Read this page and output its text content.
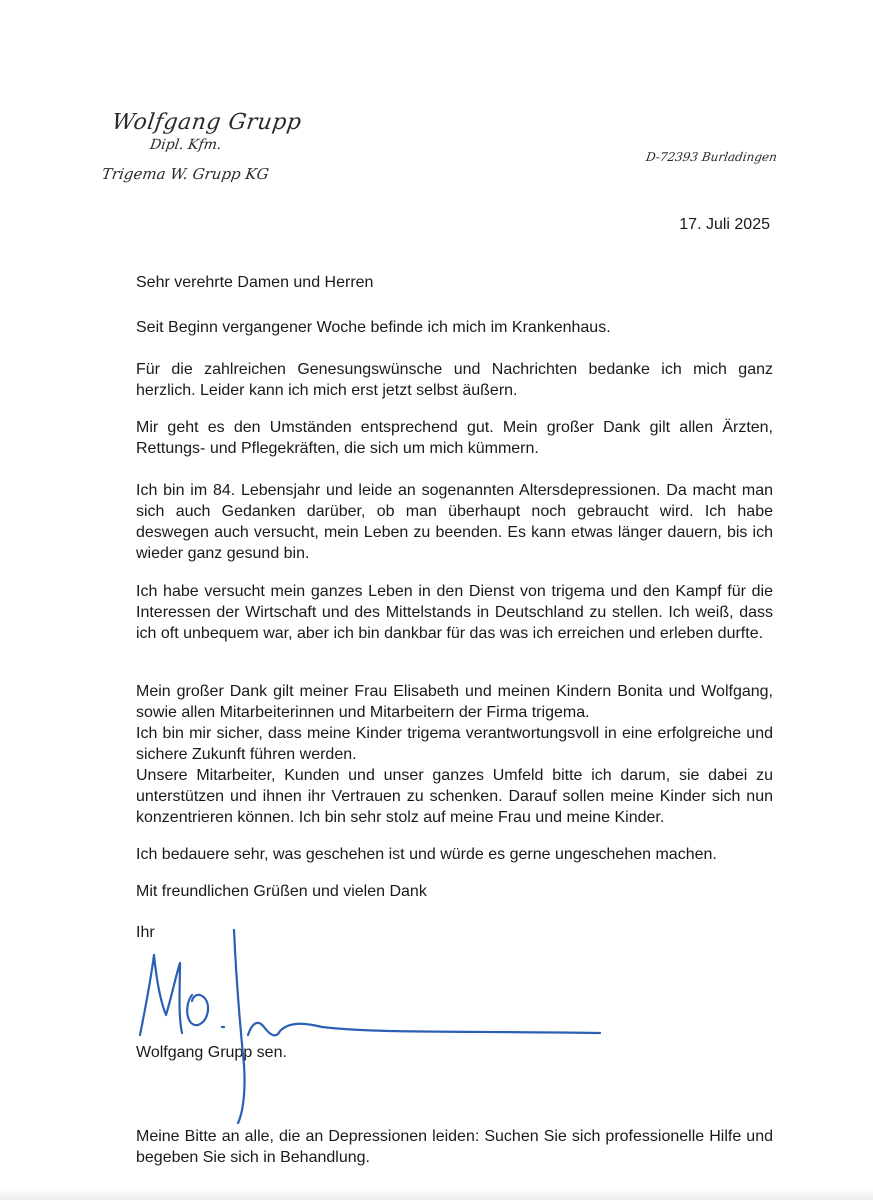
Wolfgang Grupp
Dipl. Kfm.
Trigema W. Grupp KG
D-72393 Burladingen
17. Juli 2025

Sehr verehrte Damen und Herren

Seit Beginn vergangener Woche befinde ich mich im Krankenhaus.

Für die zahlreichen Genesungswünsche und Nachrichten bedanke ich mich ganz herzlich. Leider kann ich mich erst jetzt selbst äußern.

Mir geht es den Umständen entsprechend gut. Mein großer Dank gilt allen Ärzten, Rettungs- und Pflegekräften, die sich um mich kümmern.

Ich bin im 84. Lebensjahr und leide an sogenannten Altersdepressionen. Da macht man sich auch Gedanken darüber, ob man überhaupt noch gebraucht wird. Ich habe deswegen auch versucht, mein Leben zu beenden. Es kann etwas länger dauern, bis ich wieder ganz gesund bin.

Ich habe versucht mein ganzes Leben in den Dienst von trigema und den Kampf für die Interessen der Wirtschaft und des Mittelstands in Deutschland zu stellen. Ich weiß, dass ich oft unbequem war, aber ich bin dankbar für das was ich erreichen und erleben durfte.

Mein großer Dank gilt meiner Frau Elisabeth und meinen Kindern Bonita und Wolfgang, sowie allen Mitarbeiterinnen und Mitarbeitern der Firma trigema.

Ich bin mir sicher, dass meine Kinder trigema verantwortungsvoll in eine erfolgreiche und sichere Zukunft führen werden.

Unsere Mitarbeiter, Kunden und unser ganzes Umfeld bitte ich darum, sie dabei zu unterstützen und ihnen ihr Vertrauen zu schenken. Darauf sollen meine Kinder sich nun konzentrieren können. Ich bin sehr stolz auf meine Frau und meine Kinder.

Ich bedauere sehr, was geschehen ist und würde es gerne ungeschehen machen.

Mit freundlichen Grüßen und vielen Dank

Ihr

Wolfgang Grupp sen.
Meine Bitte an alle, die an Depressionen leiden: Suchen Sie sich professionelle Hilfe und begeben Sie sich in Behandlung.
